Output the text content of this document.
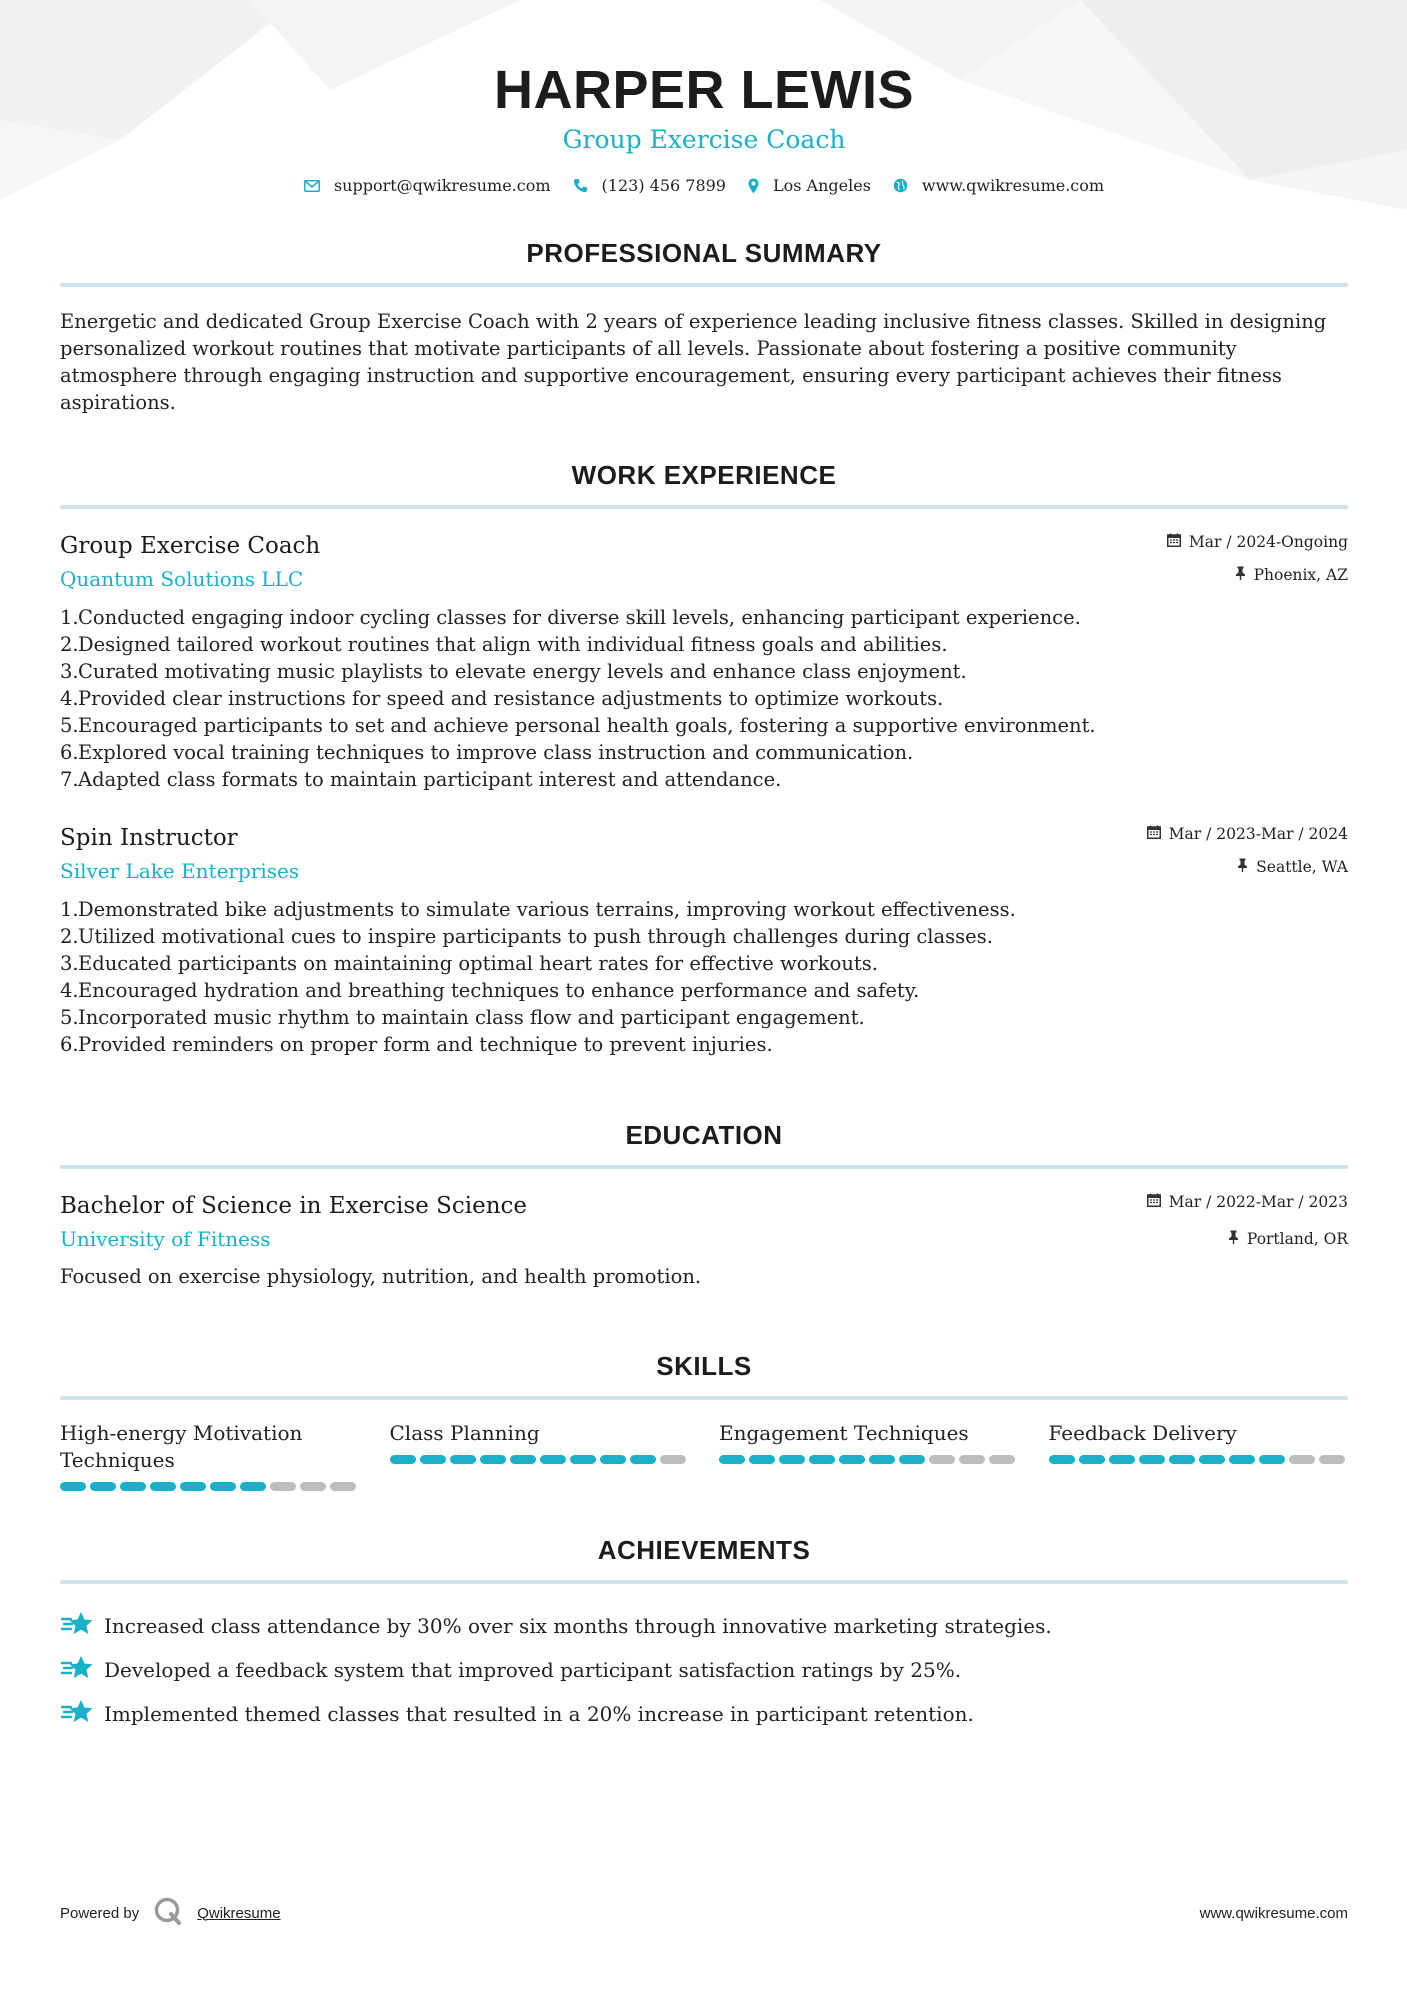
HARPER LEWIS
Group Exercise Coach
support@qwikresume.com	(123) 456 7899	Los Angeles	www.qwikresume.com
PROFESSIONAL SUMMARY

Energetic and dedicated Group Exercise Coach with 2 years of experience leading inclusive fitness classes. Skilled in designing personalized workout routines that motivate participants of all levels. Passionate about fostering a positive community atmosphere through engaging instruction and supportive encouragement, ensuring every participant achieves their fitness aspirations.

WORK EXPERIENCE
Group Exercise Coach
Quantum Solutions LLC
Mar / 2024-Ongoing
Phoenix, AZ
1. Conducted engaging indoor cycling classes for diverse skill levels, enhancing participant experience.
2. Designed tailored workout routines that align with individual fitness goals and abilities.
3. Curated motivating music playlists to elevate energy levels and enhance class enjoyment.
4. Provided clear instructions for speed and resistance adjustments to optimize workouts.
5. Encouraged participants to set and achieve personal health goals, fostering a supportive environment.
6. Explored vocal training techniques to improve class instruction and communication.
7. Adapted class formats to maintain participant interest and attendance.
Spin Instructor
Silver Lake Enterprises
Mar / 2023-Mar / 2024
Seattle, WA
1. Demonstrated bike adjustments to simulate various terrains, improving workout effectiveness.
2. Utilized motivational cues to inspire participants to push through challenges during classes.
3. Educated participants on maintaining optimal heart rates for effective workouts.
4. Encouraged hydration and breathing techniques to enhance performance and safety.
5. Incorporated music rhythm to maintain class flow and participant engagement.
6. Provided reminders on proper form and technique to prevent injuries.
EDUCATION
Bachelor of Science in Exercise Science
University of Fitness
Mar / 2022-Mar / 2023
Portland, OR

Focused on exercise physiology, nutrition, and health promotion.

SKILLS
High-energy Motivation Techniques
Class Planning	Engagement Techniques	Feedback Delivery
ACHIEVEMENTS
Increased class attendance by 30% over six months through innovative marketing strategies.
Developed a feedback system that improved participant satisfaction ratings by 25%.
Implemented themed classes that resulted in a 20% increase in participant retention.
Powered by	Qwikresume	www.qwikresume.com
